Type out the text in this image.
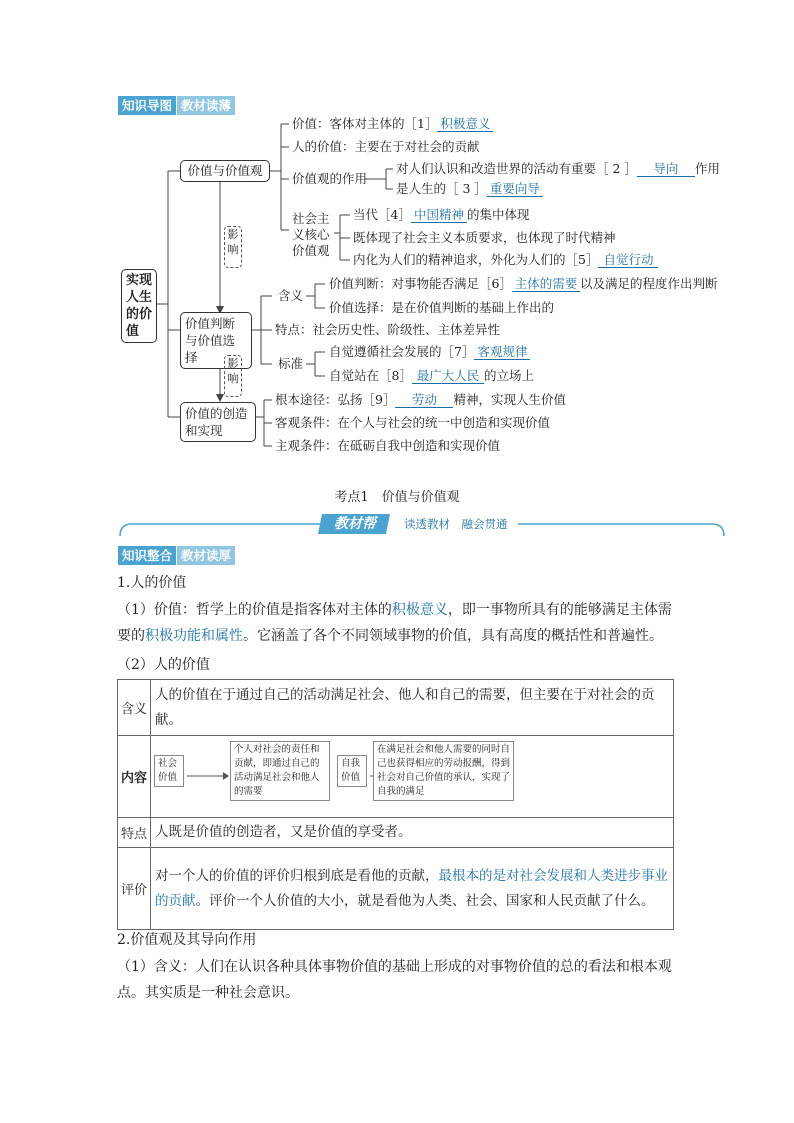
知识导图 教材读薄
实现人生的价值
价值与价值观
价值判断与价值选择
价值的创造和实现
影响
影响
价值：客体对主体的［1］ 积极意义
人的价值：主要在于对社会的贡献
价值观的作用
对人们认识和改造世界的活动有重要［ 2 ］ 导向 作用
是人生的［ 3 ］ 重要向导
社会主义核心价值观
当代［4］ 中国精神 的集中体现
既体现了社会主义本质要求，也体现了时代精神
内化为人们的精神追求，外化为人们的［5］ 自觉行动
含义
价值判断：对事物能否满足［6］ 主体的需要 以及满足的程度作出判断
价值选择：是在价值判断的基础上作出的
特点：社会历史性、阶级性、主体差异性
标准
自觉遵循社会发展的［7］ 客观规律
自觉站在［8］ 最广大人民 的立场上
根本途径：弘扬［9］ 劳动 精神，实现人生价值
客观条件：在个人与社会的统一中创造和实现价值
主观条件：在砥砺自我中创造和实现价值
考点1　价值与价值观
教材帮	读透教材　融会贯通
知识整合 教材读厚
1.人的价值
（1）价值：哲学上的价值是指客体对主体的积极意义，即一事物所具有的能够满足主体需要的积极功能和属性。它涵盖了各个不同领域事物的价值，具有高度的概括性和普遍性。
（2）人的价值
含义	人的价值在于通过自己的活动满足社会、他人和自己的需要，但主要在于对社会的贡献。
内容	社会价值
个人对社会的责任和贡献，即通过自己的活动满足社会和他人的需要
自我价值
在满足社会和他人需要的同时自己也获得相应的劳动报酬，得到社会对自己价值的承认，实现了自我的满足

特点	人既是价值的创造者，又是价值的享受者。
评价	对一个人的价值的评价归根到底是看他的贡献，最根本的是对社会发展和人类进步事业的贡献。评价一个人价值的大小，就是看他为人类、社会、国家和人民贡献了什么。
2.价值观及其导向作用
（1）含义：人们在认识各种具体事物价值的基础上形成的对事物价值的总的看法和根本观点。其实质是一种社会意识。
